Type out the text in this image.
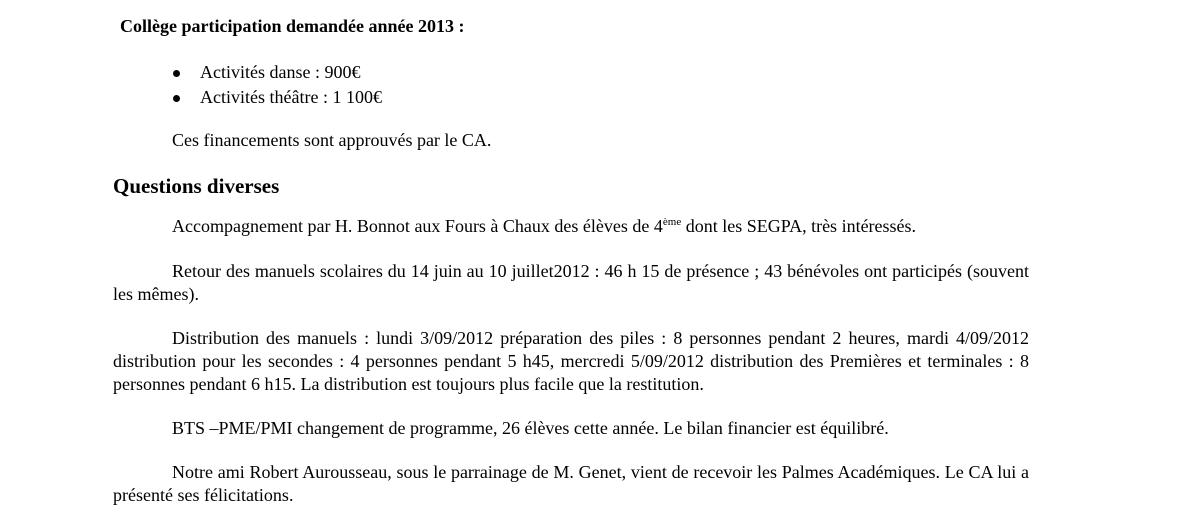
Collège participation demandée année 2013 :
Activités danse : 900€
Activités théâtre : 1 100€
Ces financements sont approuvés par le CA.
Questions diverses

Accompagnement par H. Bonnot aux Fours à Chaux des élèves de 4ème dont les SEGPA, très intéressés.

Retour des manuels scolaires du 14 juin au 10 juillet2012 : 46 h 15 de présence ; 43 bénévoles ont participés (souvent les mêmes).

Distribution des manuels : lundi 3/09/2012 préparation des piles : 8 personnes pendant 2 heures, mardi 4/09/2012 distribution pour les secondes : 4 personnes pendant 5 h45, mercredi 5/09/2012 distribution des Premières et terminales : 8 personnes pendant 6 h15. La distribution est toujours plus facile que la restitution.

BTS –PME/PMI changement de programme, 26 élèves cette année. Le bilan financier est équilibré.

Notre ami Robert Aurousseau, sous le parrainage de M. Genet, vient de recevoir les Palmes Académiques. Le CA lui a présenté ses félicitations.
